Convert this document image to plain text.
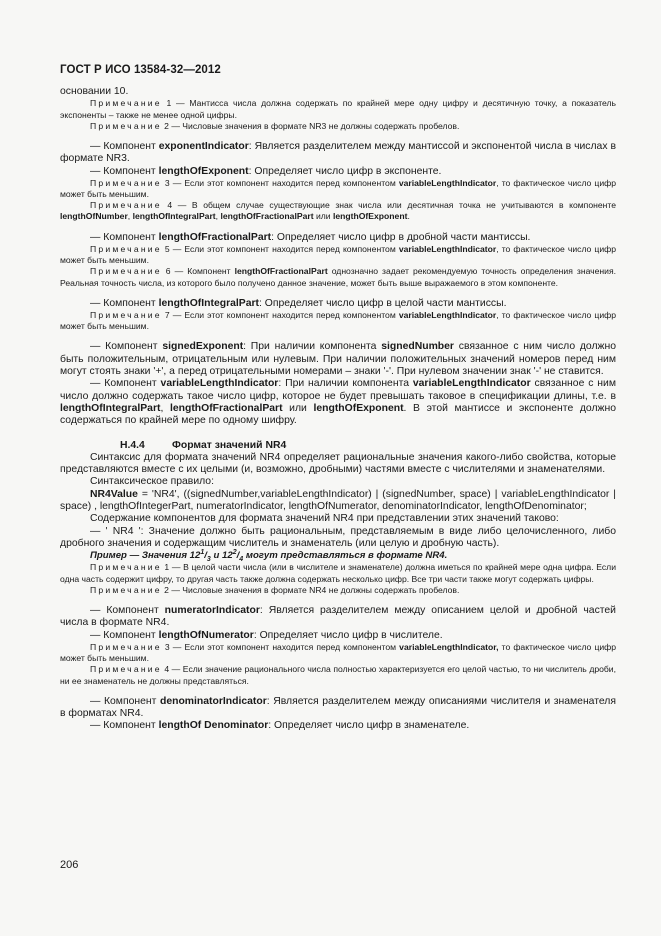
ГОСТ Р ИСО 13584-32—2012

основании 10.

Примечание 1 — Мантисса числа должна содержать по крайней мере одну цифру и десятичную точку, а показатель экспоненты – также не менее одной цифры.

Примечание 2 — Числовые значения в формате NR3 не должны содержать пробелов.

— Компонент exponentIndicator: Является разделителем между мантиссой и экспонентой числа в числах в формате NR3.

— Компонент lengthOfExponent: Определяет число цифр в экспоненте.

Примечание 3 — Если этот компонент находится перед компонентом variableLengthIndicator, то фактическое число цифр может быть меньшим.

Примечание 4 — В общем случае существующие знак числа или десятичная точка не учитываются в компоненте lengthOfNumber, lengthOfIntegralPart, lengthOfFractionalPart или lengthOfExponent.

— Компонент lengthOfFractionalPart: Определяет число цифр в дробной части мантиссы.

Примечание 5 — Если этот компонент находится перед компонентом variableLengthIndicator, то фактическое число цифр может быть меньшим.

Примечание 6 — Компонент lengthOfFractionalPart однозначно задает рекомендуемую точность определения значения. Реальная точность числа, из которого было получено данное значение, может быть выше выражаемого в этом компоненте.

— Компонент lengthOfIntegralPart: Определяет число цифр в целой части мантиссы.

Примечание 7 — Если этот компонент находится перед компонентом variableLengthIndicator, то фактическое число цифр может быть меньшим.

— Компонент signedExponent: При наличии компонента signedNumber связанное с ним число должно быть положительным, отрицательным или нулевым. При наличии положительных значений номеров перед ним могут стоять знаки '+', а перед отрицательными номерами – знаки '-'. При нулевом значении знак '-' не ставится.

— Компонент variableLengthIndicator: При наличии компонента variableLengthIndicator связанное с ним число должно содержать такое число цифр, которое не будет превышать таковое в спецификации длины, т.е. в lengthOfIntegralPart, lengthOfFractionalPart или lengthOfExponent. В этой мантиссе и экспоненте должно содержаться по крайней мере по одному шифру.

H.4.4	Формат значений NR4

Синтаксис для формата значений NR4 определяет рациональные значения какого-либо свойства, которые представляются вместе с их целыми (и, возможно, дробными) частями вместе с числителями и знаменателями.

Синтаксическое правило:

NR4Value = 'NR4', ((signedNumber,variableLengthIndicator) | (signedNumber, space) | variableLengthIndicator | space) , lengthOfIntegerPart, numeratorIndicator, lengthOfNumerator, denominatorIndicator, lengthOfDenominator;

Содержание компонентов для формата значений NR4 при представлении этих значений таково:

— ' NR4 ': Значение должно быть рациональным, представляемым в виде либо целочисленного, либо дробного значения и содержащим числитель и знаменатель (или целую и дробную часть).

Пример — Значения $12^1/_3$ и $12^2/_4$ могут представляться в формате NR4.

Примечание 1 — В целой части числа (или в числителе и знаменателе) должна иметься по крайней мере одна цифра. Если одна часть содержит цифру, то другая часть также должна содержать несколько цифр. Все три части также могут содержать цифры.

Примечание 2 — Числовые значения в формате NR4 не должны содержать пробелов.

— Компонент numeratorIndicator: Является разделителем между описанием целой и дробной частей числа в формате NR4.

— Компонент lengthOfNumerator: Определяет число цифр в числителе.

Примечание 3 — Если этот компонент находится перед компонентом variableLengthIndicator, то фактическое число цифр может быть меньшим.

Примечание 4 — Если значение рационального числа полностью характеризуется его целой частью, то ни числитель дроби, ни ее знаменатель не должны представляться.

— Компонент denominatorIndicator: Является разделителем между описаниями числителя и знаменателя в форматах NR4.

— Компонент lengthOf Denominator: Определяет число цифр в знаменателе.

206
